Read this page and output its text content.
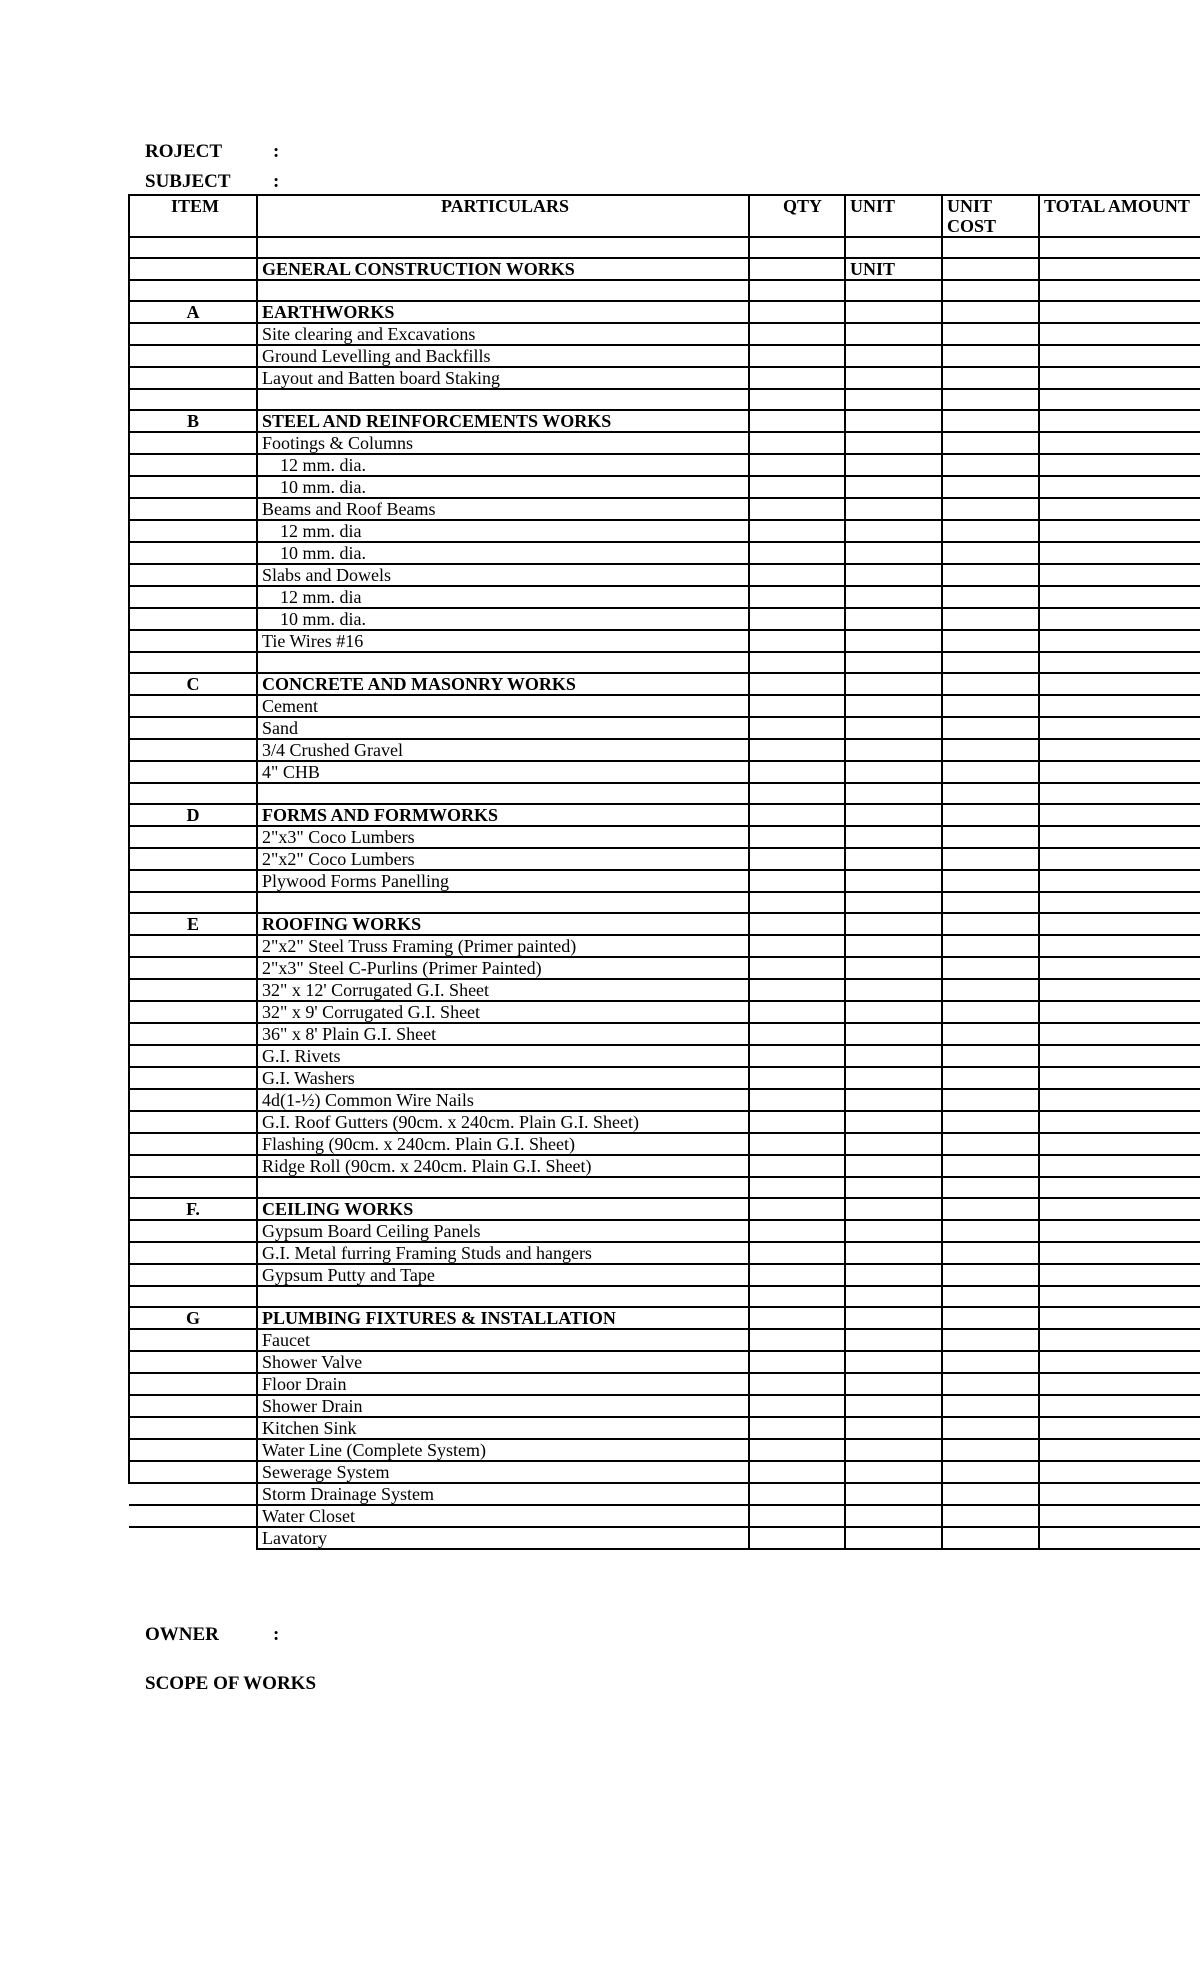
ROJECT	:
SUBJECT :
ITEM	PARTICULARS	QTY	UNIT	UNIT COST	TOTAL AMOUNT

	GENERAL CONSTRUCTION WORKS		UNIT		

A	EARTHWORKS				
	Site clearing and Excavations				
	Ground Levelling and Backfills				
	Layout and Batten board Staking				

B	STEEL AND REINFORCEMENTS WORKS				
	Footings & Columns				
	12 mm. dia.				
	10 mm. dia.				
	Beams and Roof Beams				
	12 mm. dia				
	10 mm. dia.				
	Slabs and Dowels				
	12 mm. dia				
	10 mm. dia.				
	Tie Wires #16				

C	CONCRETE AND MASONRY WORKS				
	Cement				
	Sand				
	3/4 Crushed Gravel				
	4" CHB				

D	FORMS AND FORMWORKS				
	2"x3" Coco Lumbers				
	2"x2" Coco Lumbers				
	Plywood Forms Panelling				

E	ROOFING WORKS				
	2"x2" Steel Truss Framing (Primer painted)				
	2"x3" Steel C-Purlins (Primer Painted)				
	32" x 12' Corrugated G.I. Sheet				
	32" x 9' Corrugated G.I. Sheet				
	36" x 8' Plain G.I. Sheet				
	G.I. Rivets				
	G.I. Washers				
	4d(1-½) Common Wire Nails				
	G.I. Roof Gutters (90cm. x 240cm. Plain G.I. Sheet)				
	Flashing (90cm. x 240cm. Plain G.I. Sheet)				
	Ridge Roll (90cm. x 240cm. Plain G.I. Sheet)				

F.	CEILING WORKS				
	Gypsum Board Ceiling Panels				
	G.I. Metal furring Framing Studs and hangers				
	Gypsum Putty and Tape				

G	PLUMBING FIXTURES & INSTALLATION				
	Faucet				
	Shower Valve				
	Floor Drain				
	Shower Drain				
	Kitchen Sink				
	Water Line (Complete System)				
	Sewerage System				
	Storm Drainage System				
	Water Closet				
	Lavatory				
OWNER	:
SCOPE OF WORKS
